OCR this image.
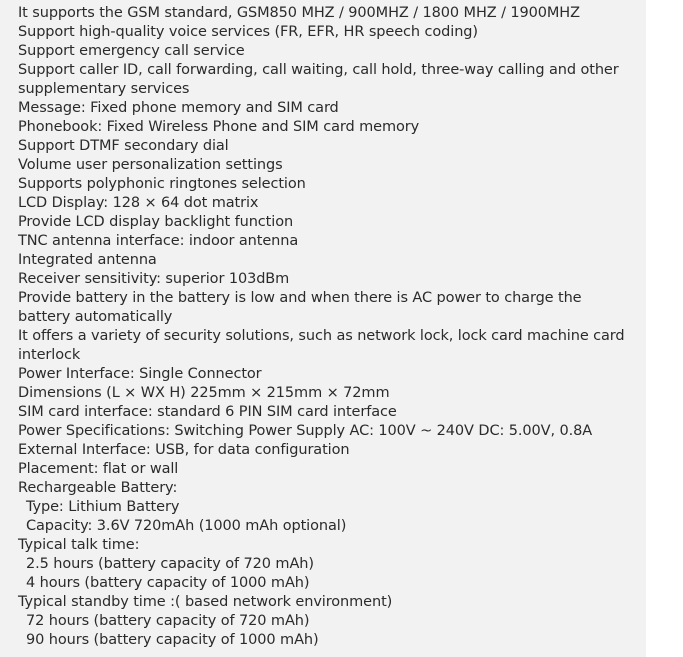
It supports the GSM standard, GSM850 MHZ / 900MHZ / 1800 MHZ / 1900MHZ
Support high-quality voice services (FR, EFR, HR speech coding)
Support emergency call service
Support caller ID, call forwarding, call waiting, call hold, three-way calling and other supplementary services
Message: Fixed phone memory and SIM card
Phonebook: Fixed Wireless Phone and SIM card memory
Support DTMF secondary dial
Volume user personalization settings
Supports polyphonic ringtones selection
LCD Display: 128 × 64 dot matrix
Provide LCD display backlight function
TNC antenna interface: indoor antenna
Integrated antenna
Receiver sensitivity: superior 103dBm
Provide battery in the battery is low and when there is AC power to charge the battery automatically
It offers a variety of security solutions, such as network lock, lock card machine card interlock
Power Interface: Single Connector
Dimensions (L × WX H) 225mm × 215mm × 72mm
SIM card interface: standard 6 PIN SIM card interface
Power Specifications: Switching Power Supply AC: 100V ~ 240V DC: 5.00V, 0.8A
External Interface: USB, for data configuration
Placement: flat or wall
Rechargeable Battery:
Type: Lithium Battery
Capacity: 3.6V 720mAh (1000 mAh optional)
Typical talk time:
2.5 hours (battery capacity of 720 mAh)
4 hours (battery capacity of 1000 mAh)
Typical standby time :( based network environment)
72 hours (battery capacity of 720 mAh)
90 hours (battery capacity of 1000 mAh)
